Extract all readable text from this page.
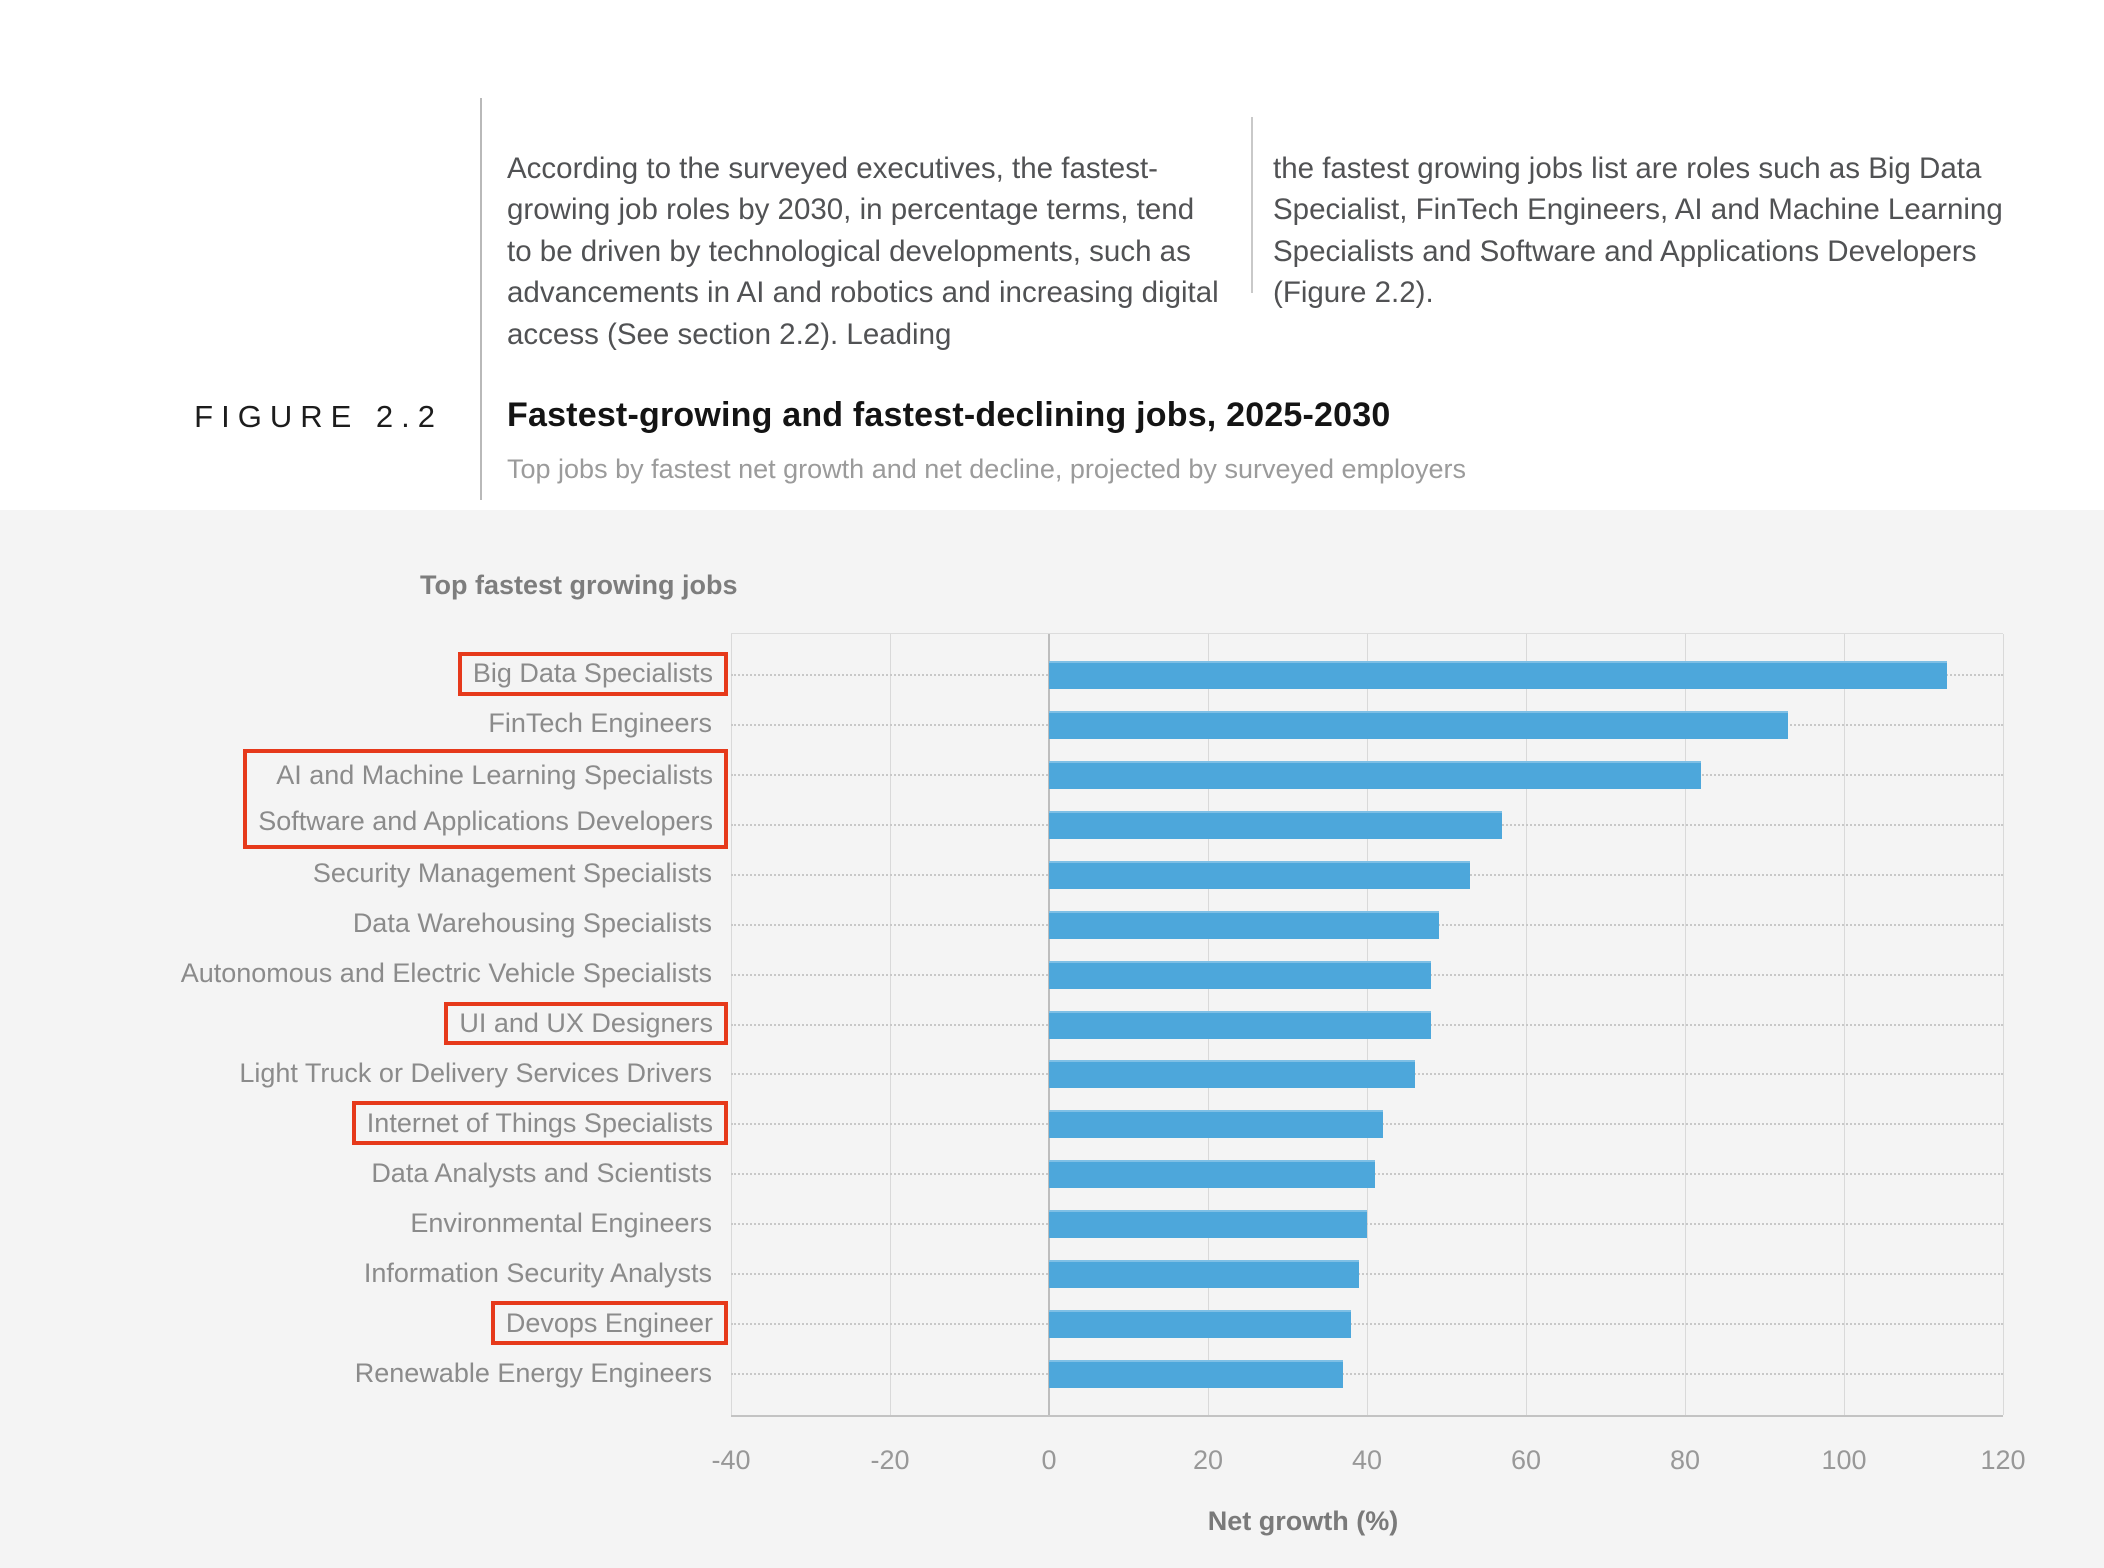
FIGURE 2.2

According to the surveyed executives, the fastest-growing job roles by 2030, in percentage terms, tend to be driven by technological developments, such as advancements in AI and robotics and increasing digital access (See section 2.2). Leading

the fastest growing jobs list are roles such as Big Data Specialist, FinTech Engineers, AI and Machine Learning Specialists and Software and Applications Developers (Figure 2.2).

Fastest-growing and fastest-declining jobs, 2025-2030

Top jobs by fastest net growth and net decline, projected by surveyed employers

Top fastest growing jobs
Big Data Specialists
FinTech Engineers
AI and Machine Learning Specialists
Software and Applications Developers
Security Management Specialists
Data Warehousing Specialists
Autonomous and Electric Vehicle Specialists
UI and UX Designers
Light Truck or Delivery Services Drivers
Internet of Things Specialists
Data Analysts and Scientists
Environmental Engineers
Information Security Analysts
Devops Engineer
Renewable Energy Engineers
-40	-20	0	20	40	60	80	100	120
Net growth (%)
